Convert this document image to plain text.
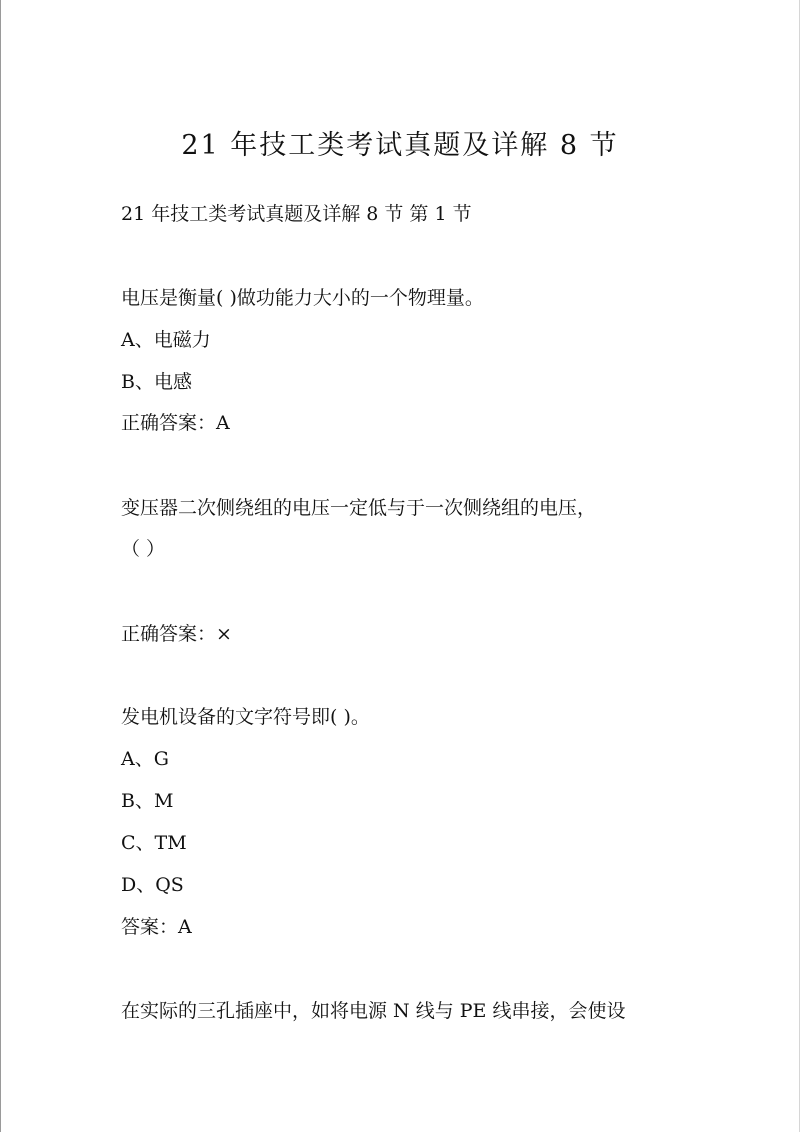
21 年技工类考试真题及详解 8 节
21 年技工类考试真题及详解 8 节 第 1 节
电压是衡量( )做功能力大小的一个物理量。
A、电磁力
B、电感
正确答案：A
变压器二次侧绕组的电压一定低与于一次侧绕组的电压，
（ ）
正确答案：×
发电机设备的文字符号即( )。
A、G
B、M
C、TM
D、QS
答案：A
在实际的三孔插座中，如将电源 N 线与 PE 线串接，会使设
